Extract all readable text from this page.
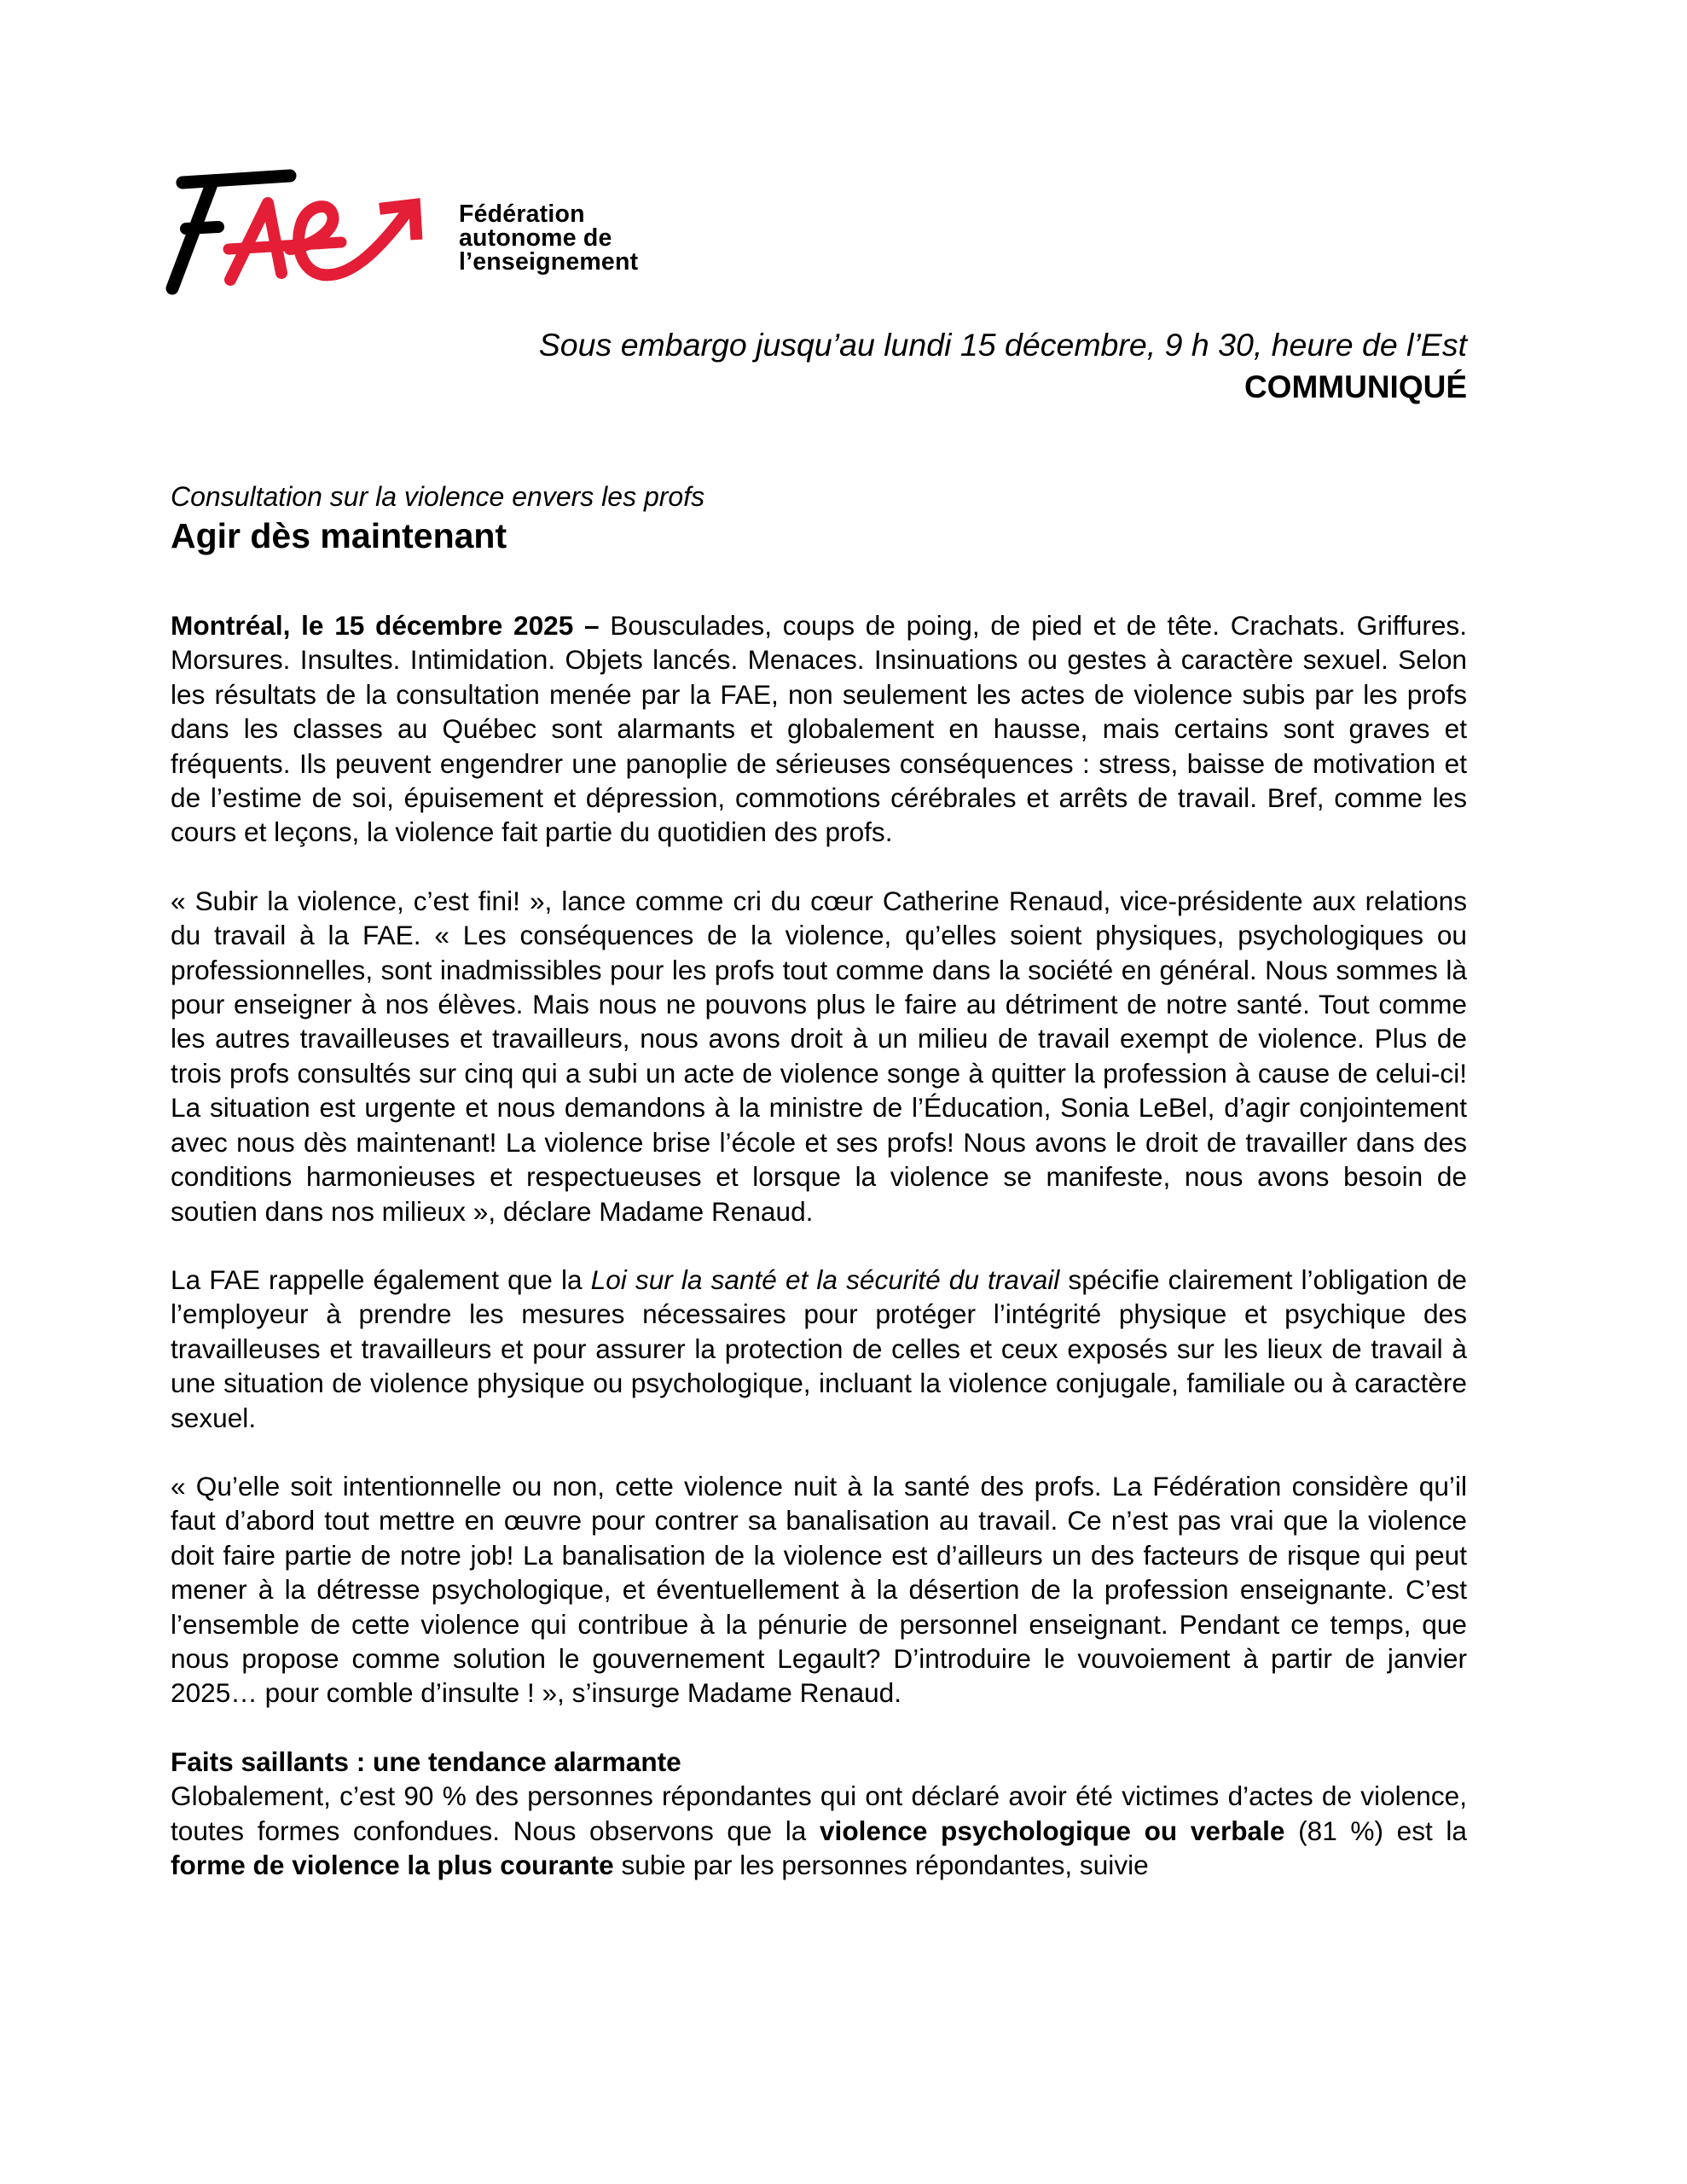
Fédération
autonome de
l’enseignement
Sous embargo jusqu’au lundi 15 décembre, 9 h 30, heure de l’Est
COMMUNIQUÉ
Consultation sur la violence envers les profs
Agir dès maintenant

Montréal, le 15 décembre 2025 – Bousculades, coups de poing, de pied et de tête. Crachats. Griffures. Morsures. Insultes. Intimidation. Objets lancés. Menaces. Insinuations ou gestes à caractère sexuel. Selon les résultats de la consultation menée par la FAE, non seulement les actes de violence subis par les profs dans les classes au Québec sont alarmants et globalement en hausse, mais certains sont graves et fréquents. Ils peuvent engendrer une panoplie de sérieuses conséquences : stress, baisse de motivation et de l’estime de soi, épuisement et dépression, commotions cérébrales et arrêts de travail. Bref, comme les cours et leçons, la violence fait partie du quotidien des profs.

« Subir la violence, c’est fini! », lance comme cri du cœur Catherine Renaud, vice-présidente aux relations du travail à la FAE. « Les conséquences de la violence, qu’elles soient physiques, psychologiques ou professionnelles, sont inadmissibles pour les profs tout comme dans la société en général. Nous sommes là pour enseigner à nos élèves. Mais nous ne pouvons plus le faire au détriment de notre santé. Tout comme les autres travailleuses et travailleurs, nous avons droit à un milieu de travail exempt de violence. Plus de trois profs consultés sur cinq qui a subi un acte de violence songe à quitter la profession à cause de celui-ci! La situation est urgente et nous demandons à la ministre de l’Éducation, Sonia LeBel, d’agir conjointement avec nous dès maintenant! La violence brise l’école et ses profs! Nous avons le droit de travailler dans des conditions harmonieuses et respectueuses et lorsque la violence se manifeste, nous avons besoin de soutien dans nos milieux », déclare Madame Renaud.

La FAE rappelle également que la Loi sur la santé et la sécurité du travail spécifie clairement l’obligation de l’employeur à prendre les mesures nécessaires pour protéger l’intégrité physique et psychique des travailleuses et travailleurs et pour assurer la protection de celles et ceux exposés sur les lieux de travail à une situation de violence physique ou psychologique, incluant la violence conjugale, familiale ou à caractère sexuel.

« Qu’elle soit intentionnelle ou non, cette violence nuit à la santé des profs. La Fédération considère qu’il faut d’abord tout mettre en œuvre pour contrer sa banalisation au travail. Ce n’est pas vrai que la violence doit faire partie de notre job! La banalisation de la violence est d’ailleurs un des facteurs de risque qui peut mener à la détresse psychologique, et éventuellement à la désertion de la profession enseignante. C’est l’ensemble de cette violence qui contribue à la pénurie de personnel enseignant. Pendant ce temps, que nous propose comme solution le gouvernement Legault? D’introduire le vouvoiement à partir de janvier 2025… pour comble d’insulte ! », s’insurge Madame Renaud.

Faits saillants : une tendance alarmante

Globalement, c’est 90 % des personnes répondantes qui ont déclaré avoir été victimes d’actes de violence, toutes formes confondues. Nous observons que la violence psychologique ou verbale (81 %) est la forme de violence la plus courante subie par les personnes répondantes, suivie
